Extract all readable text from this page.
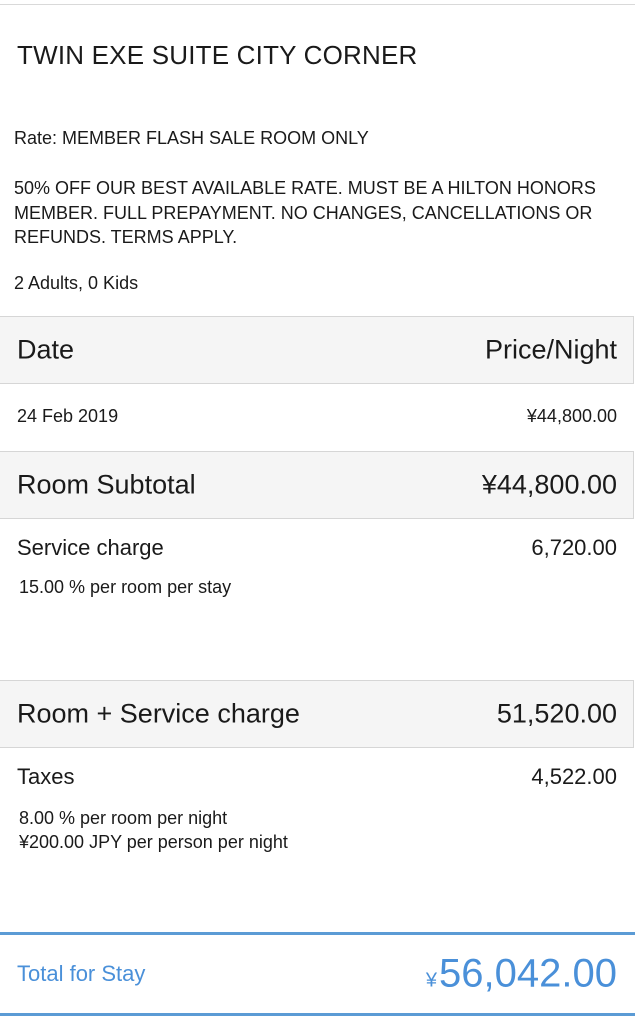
TWIN EXE SUITE CITY CORNER
Rate: MEMBER FLASH SALE ROOM ONLY
50% OFF OUR BEST AVAILABLE RATE. MUST BE A HILTON HONORS MEMBER. FULL PREPAYMENT. NO CHANGES, CANCELLATIONS OR REFUNDS. TERMS APPLY.
2 Adults, 0 Kids
Date	Price/Night
24 Feb 2019	¥44,800.00
Room Subtotal	¥44,800.00
Service charge	6,720.00
15.00 % per room per stay
Room + Service charge	51,520.00
Taxes	4,522.00
8.00 % per room per night
¥200.00 JPY per person per night
Total for Stay	¥56,042.00
